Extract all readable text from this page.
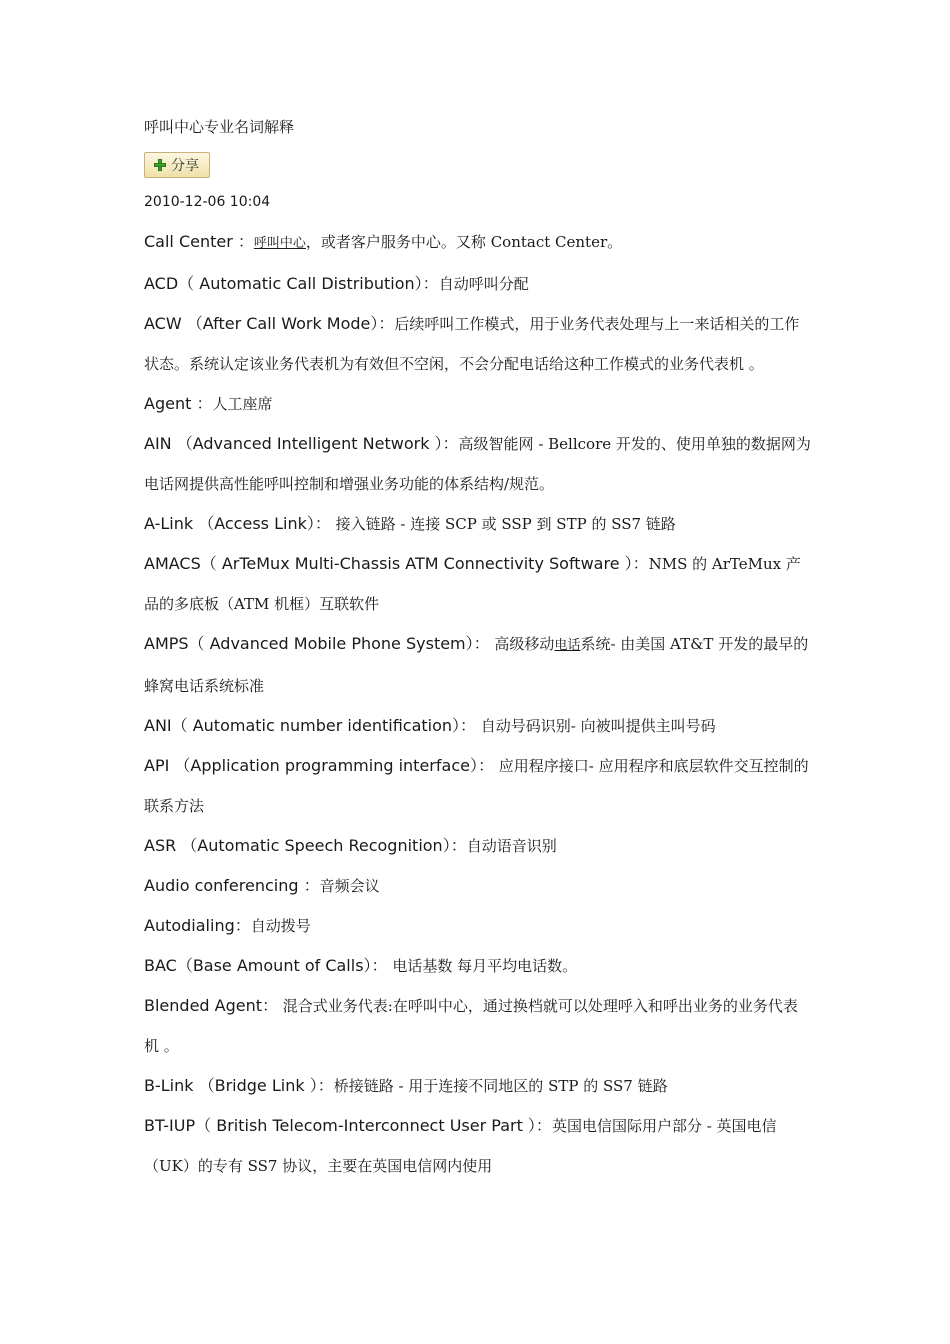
呼叫中心专业名词解释

分享
2010-12-06 10:04

Call Center ：呼叫中心，或者客户服务中心。又称 Contact Center。

ACD（ Automatic Call Distribution）：自动呼叫分配

ACW （After Call Work Mode）：后续呼叫工作模式，用于业务代表处理与上一来话相关的工作状态。系统认定该业务代表机为有效但不空闲，不会分配电话给这种工作模式的业务代表机 。

Agent ：人工座席

AIN （Advanced Intelligent Network ）：高级智能网 - Bellcore 开发的、使用单独的数据网为电话网提供高性能呼叫控制和增强业务功能的体系结构/规范。

A-Link （Access Link）： 接入链路 - 连接 SCP 或 SSP 到 STP 的 SS7 链路

AMACS（ ArTeMux Multi-Chassis ATM Connectivity Software ）：NMS 的 ArTeMux 产品的多底板（ATM 机框）互联软件

AMPS（ Advanced Mobile Phone System）： 高级移动电话系统- 由美国 AT&T 开发的最早的蜂窝电话系统标准

ANI（ Automatic number identification）： 自动号码识别- 向被叫提供主叫号码

API （Application programming interface）： 应用程序接口- 应用程序和底层软件交互控制的联系方法

ASR （Automatic Speech Recognition）：自动语音识别

Audio conferencing ：音频会议

Autodialing：自动拨号

BAC（Base Amount of Calls）： 电话基数 每月平均电话数。

Blended Agent： 混合式业务代表:在呼叫中心，通过换档就可以处理呼入和呼出业务的业务代表机 。

B-Link （Bridge Link ）：桥接链路 - 用于连接不同地区的 STP 的 SS7 链路

BT-IUP（ British Telecom-Interconnect User Part ）：英国电信国际用户部分 - 英国电信（UK）的专有 SS7 协议，主要在英国电信网内使用
